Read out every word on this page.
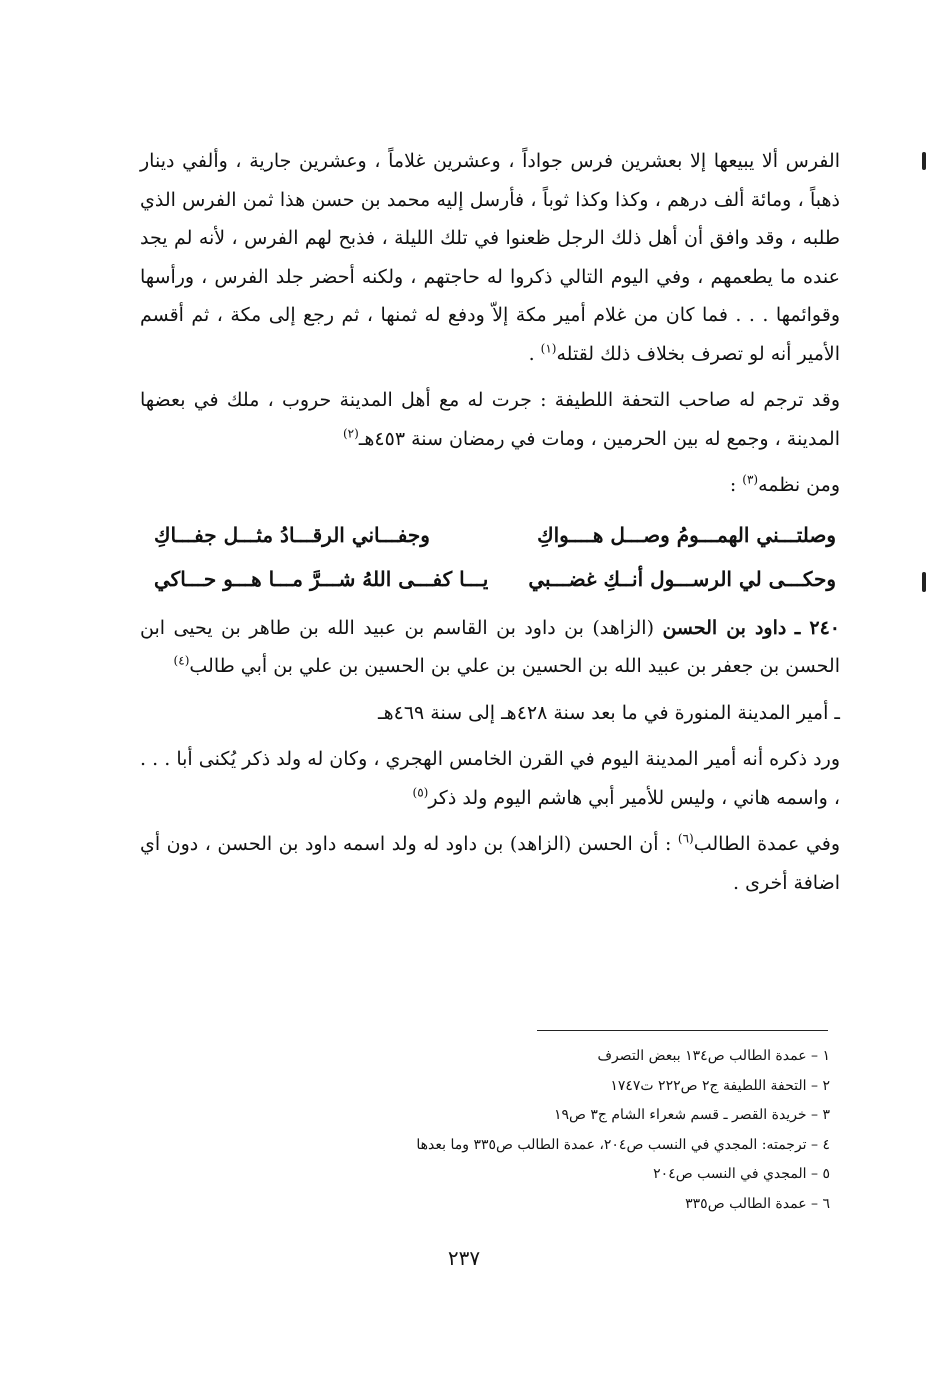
الفرس ألا يبيعها إلا بعشرين فرس جواداً ، وعشرين غلاماً ، وعشرين جارية ، وألفي دينار ذهباً ، ومائة ألف درهم ، وكذا وكذا ثوباً ، فأرسل إليه محمد بن حسن هذا ثمن الفرس الذي طلبه ، وقد وافق أن أهل ذلك الرجل ظعنوا في تلك الليلة ، فذبح لهم الفرس ، لأنه لم يجد عنده ما يطعمهم ، وفي اليوم التالي ذكروا له حاجتهم ، ولكنه أحضر جلد الفرس ، ورأسها وقوائمها . . . فما كان من غلام أمير مكة إلاّ ودفع له ثمنها ، ثم رجع إلى مكة ، ثم أقسم الأمير أنه لو تصرف بخلاف ذلك لقتله$^{(١)}$ .

وقد ترجم له صاحب التحفة اللطيفة : جرت له مع أهل المدينة حروب ، ملك في بعضها المدينة ، وجمع له بين الحرمين ، ومات في رمضان سنة ٤٥٣هـ$^{(٢)}$

ومن نظمه$^{(٣)}$ :

وصلتـــني الهمـــومُ وصـــل هــــواكِ
وجفـــاني الرقـــادُ مثـــل جفـــاكِ
وحكـــى لي الرســـول أنــكِ غضـــبي
يـــا كفـــى اللهُ شـــرَّ مـــا هـــو حـــاكي

٢٤٠ ـ داود بن الحسن (الزاهد) بن داود بن القاسم بن عبيد الله بن طاهر بن يحيى ابن الحسن بن جعفر بن عبيد الله بن الحسين بن علي بن الحسين بن علي بن أبي طالب$^{(٤)}$

ـ أمير المدينة المنورة في ما بعد سنة ٤٢٨هـ إلى سنة ٤٦٩هـ

ورد ذكره أنه أمير المدينة اليوم في القرن الخامس الهجري ، وكان له ولد ذكر يُكنى أبا . . . ، واسمه هاني ، وليس للأمير أبي هاشم اليوم ولد ذكر$^{(٥)}$

وفي عمدة الطالب$^{(٦)}$ : أن الحسن (الزاهد) بن داود له ولد اسمه داود بن الحسن ، دون أي اضافة أخرى .

١ – عمدة الطالب ص١٣٤ ببعض التصرف

٢ – التحفة اللطيفة ج٢ ص٢٢٢ ت١٧٤٧

٣ – خريدة القصر ـ قسم شعراء الشام ج٣ ص١٩

٤ – ترجمته: المجدي في النسب ص٢٠٤، عمدة الطالب ص٣٣٥ وما بعدها

٥ – المجدي في النسب ص٢٠٤

٦ – عمدة الطالب ص٣٣٥

٢٣٧
